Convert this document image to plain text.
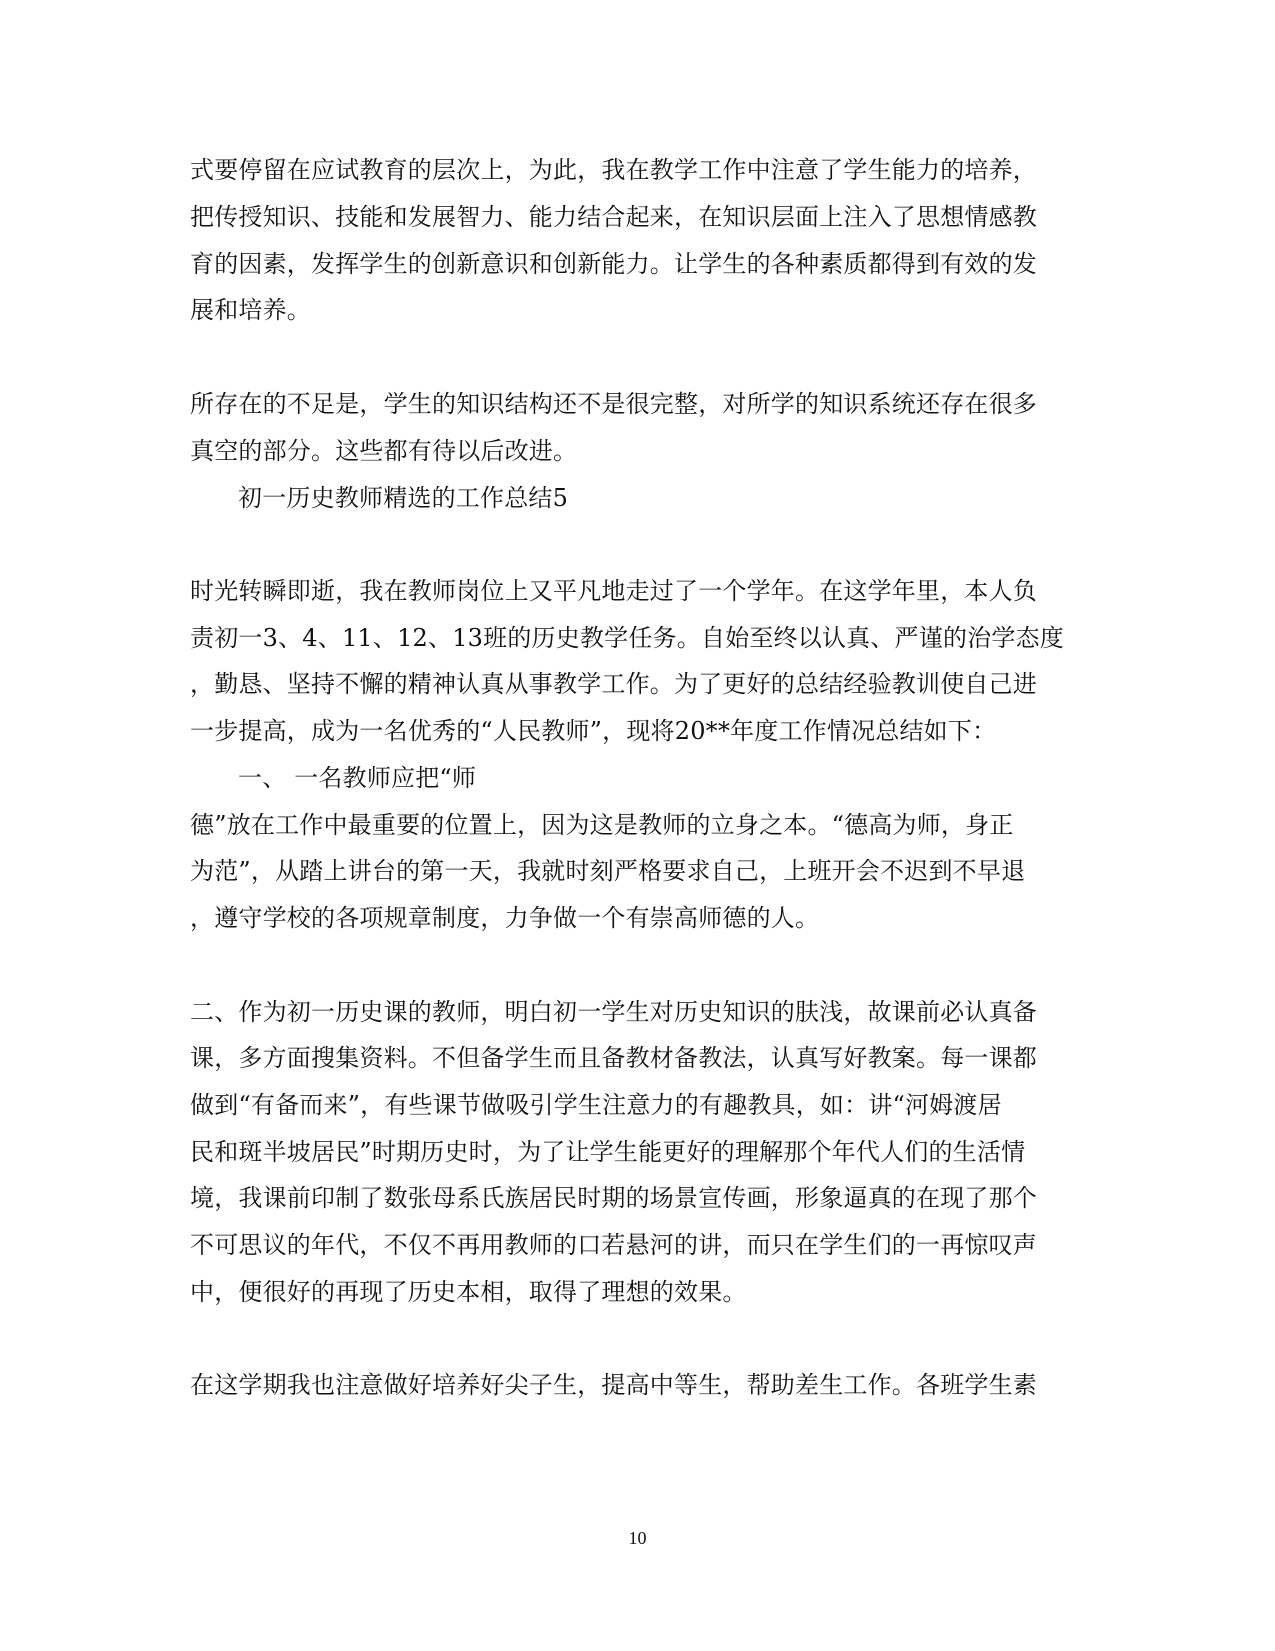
式要停留在应试教育的层次上，为此，我在教学工作中注意了学生能力的培养，
把传授知识、技能和发展智力、能力结合起来，在知识层面上注入了思想情感教
育的因素，发挥学生的创新意识和创新能力。让学生的各种素质都得到有效的发
展和培养。
所存在的不足是，学生的知识结构还不是很完整，对所学的知识系统还存在很多
真空的部分。这些都有待以后改进。
初一历史教师精选的工作总结5
时光转瞬即逝，我在教师岗位上又平凡地走过了一个学年。在这学年里，本人负
责初一3、4、11、12、13班的历史教学任务。自始至终以认真、严谨的治学态度
，勤恳、坚持不懈的精神认真从事教学工作。为了更好的总结经验教训使自己进
一步提高，成为一名优秀的“人民教师”，现将20**年度工作情况总结如下：
一、 一名教师应把“师
德”放在工作中最重要的位置上，因为这是教师的立身之本。“德高为师，身正
为范”，从踏上讲台的第一天，我就时刻严格要求自己，上班开会不迟到不早退
，遵守学校的各项规章制度，力争做一个有崇高师德的人。
二、作为初一历史课的教师，明白初一学生对历史知识的肤浅，故课前必认真备
课，多方面搜集资料。不但备学生而且备教材备教法，认真写好教案。每一课都
做到“有备而来”，有些课节做吸引学生注意力的有趣教具，如：讲“河姆渡居
民和斑半坡居民”时期历史时，为了让学生能更好的理解那个年代人们的生活情
境，我课前印制了数张母系氏族居民时期的场景宣传画，形象逼真的在现了那个
不可思议的年代，不仅不再用教师的口若悬河的讲，而只在学生们的一再惊叹声
中，便很好的再现了历史本相，取得了理想的效果。
在这学期我也注意做好培养好尖子生，提高中等生，帮助差生工作。各班学生素
10
